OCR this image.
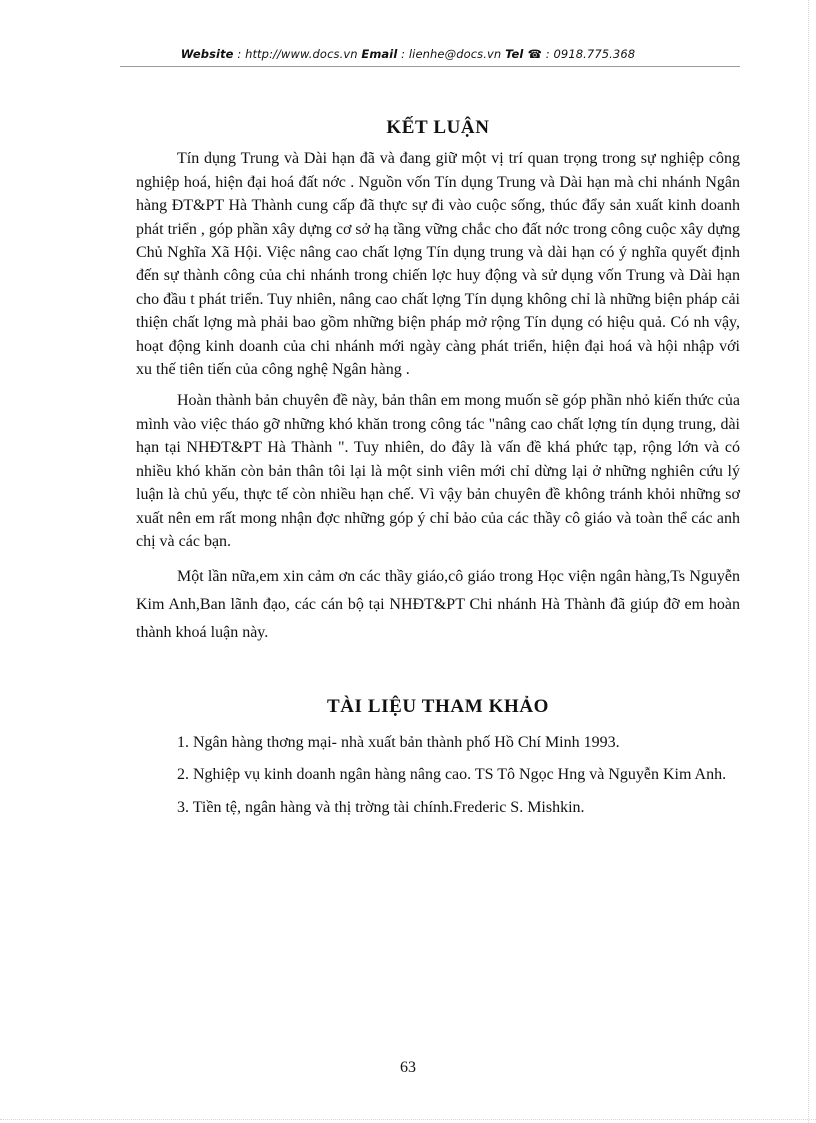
Website : http://www.docs.vn Email : lienhe@docs.vn Tel ☎ : 0918.775.368
KẾT LUẬN

Tín dụng Trung và Dài hạn đã và đang giữ một vị trí quan trọng trong sự nghiệp công nghiệp hoá, hiện đại hoá đất nớc . Nguồn vốn Tín dụng Trung và Dài hạn mà chi nhánh Ngân hàng ĐT&PT Hà Thành cung cấp đã thực sự đi vào cuộc sống, thúc đẩy sản xuất kinh doanh phát triển , góp phần xây dựng cơ sở hạ tầng vững chắc cho đất nớc trong công cuộc xây dựng Chủ Nghĩa Xã Hội. Việc nâng cao chất lợng Tín dụng trung và dài hạn có ý nghĩa quyết định đến sự thành công của chi nhánh trong chiến lợc huy động và sử dụng vốn Trung và Dài hạn cho đầu t phát triển. Tuy nhiên, nâng cao chất lợng Tín dụng không chỉ là những biện pháp cải thiện chất lợng mà phải bao gồm những biện pháp mở rộng Tín dụng có hiệu quả. Có nh vậy, hoạt động kinh doanh của chi nhánh mới ngày càng phát triển, hiện đại hoá và hội nhập với xu thế tiên tiến của công nghệ Ngân hàng .

Hoàn thành bản chuyên đề này, bản thân em mong muốn sẽ góp phần nhỏ kiến thức của mình vào việc tháo gỡ những khó khăn trong công tác "nâng cao chất lợng tín dụng trung, dài hạn tại NHĐT&PT Hà Thành ". Tuy nhiên, do đây là vấn đề khá phức tạp, rộng lớn và có nhiều khó khăn còn bản thân tôi lại là một sinh viên mới chỉ dừng lại ở những nghiên cứu lý luận là chủ yếu, thực tế còn nhiều hạn chế. Vì vậy bản chuyên đề không tránh khỏi những sơ xuất nên em rất mong nhận đợc những góp ý chỉ bảo của các thầy cô giáo và toàn thể các anh chị và các bạn.

Một lần nữa,em xin cảm ơn các thầy giáo,cô giáo trong Học viện ngân hàng,Ts Nguyễn Kim Anh,Ban lãnh đạo, các cán bộ tại NHĐT&PT Chi nhánh Hà Thành đã giúp đỡ em hoàn thành khoá luận này.

TÀI LIỆU THAM KHẢO

1. Ngân hàng thơng mại- nhà xuất bản thành phố Hồ Chí Minh 1993.

2. Nghiệp vụ kinh doanh ngân hàng nâng cao. TS Tô Ngọc Hng và Nguyễn Kim Anh.

3. Tiền tệ, ngân hàng và thị trờng tài chính.Frederic S. Mishkin.

63
